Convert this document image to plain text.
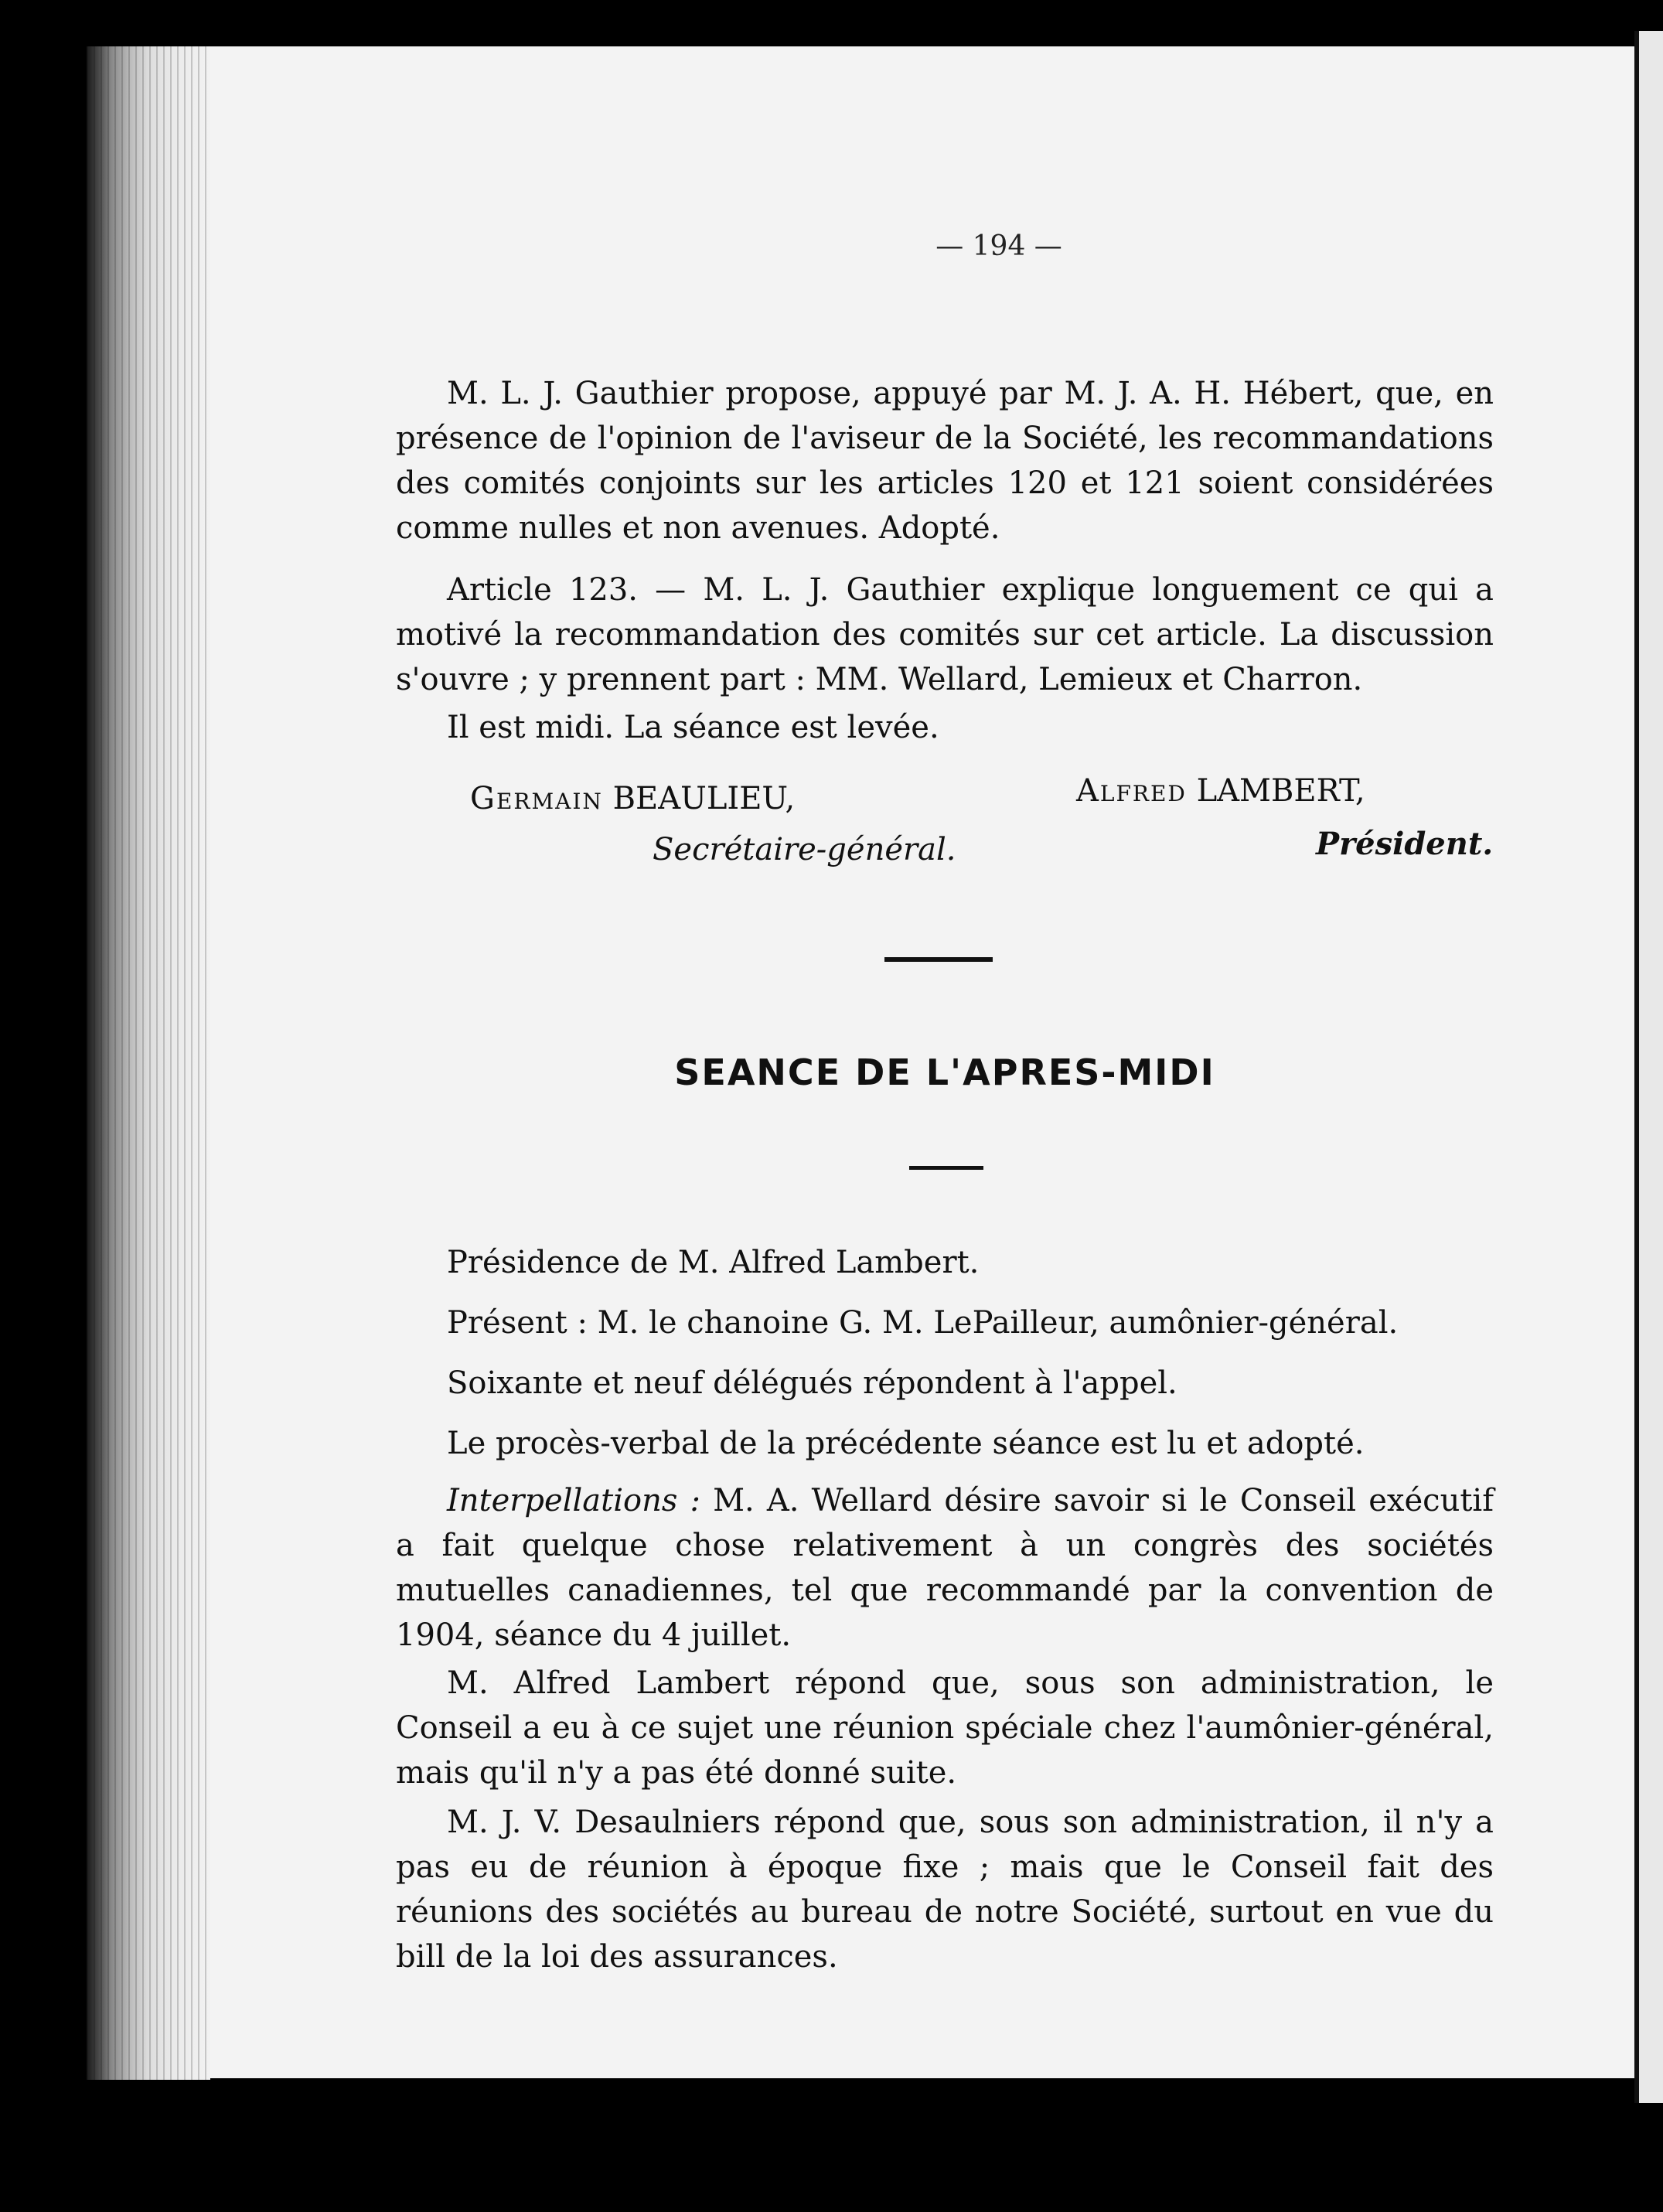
— 194 —
M. L. J. Gauthier propose, appuyé par M. J. A. H. Hébert, que, en présence de l'opinion de l'aviseur de la Société, les recommandations des comités conjoints sur les articles 120 et 121 soient considérées comme nulles et non avenues. Adopté.
Article 123. — M. L. J. Gauthier explique longuement ce qui a motivé la recommandation des comités sur cet article. La discussion s'ouvre ; y prennent part : MM. Wellard, Lemieux et Charron.
Il est midi. La séance est levée.
Germain BEAULIEU,
Secrétaire-général.
Alfred LAMBERT,
Président.
SEANCE DE L'APRES-MIDI
Présidence de M. Alfred Lambert.
Présent : M. le chanoine G. M. LePailleur, aumônier-général.
Soixante et neuf délégués répondent à l'appel.
Le procès-verbal de la précédente séance est lu et adopté.
Interpellations : M. A. Wellard désire savoir si le Conseil exécutif a fait quelque chose relativement à un congrès des sociétés mutuelles canadiennes, tel que recommandé par la convention de 1904, séance du 4 juillet.
M. Alfred Lambert répond que, sous son administration, le Conseil a eu à ce sujet une réunion spéciale chez l'aumônier-général, mais qu'il n'y a pas été donné suite.
M. J. V. Desaulniers répond que, sous son administration, il n'y a pas eu de réunion à époque fixe ; mais que le Conseil fait des réunions des sociétés au bureau de notre Société, surtout en vue du bill de la loi des assurances.
